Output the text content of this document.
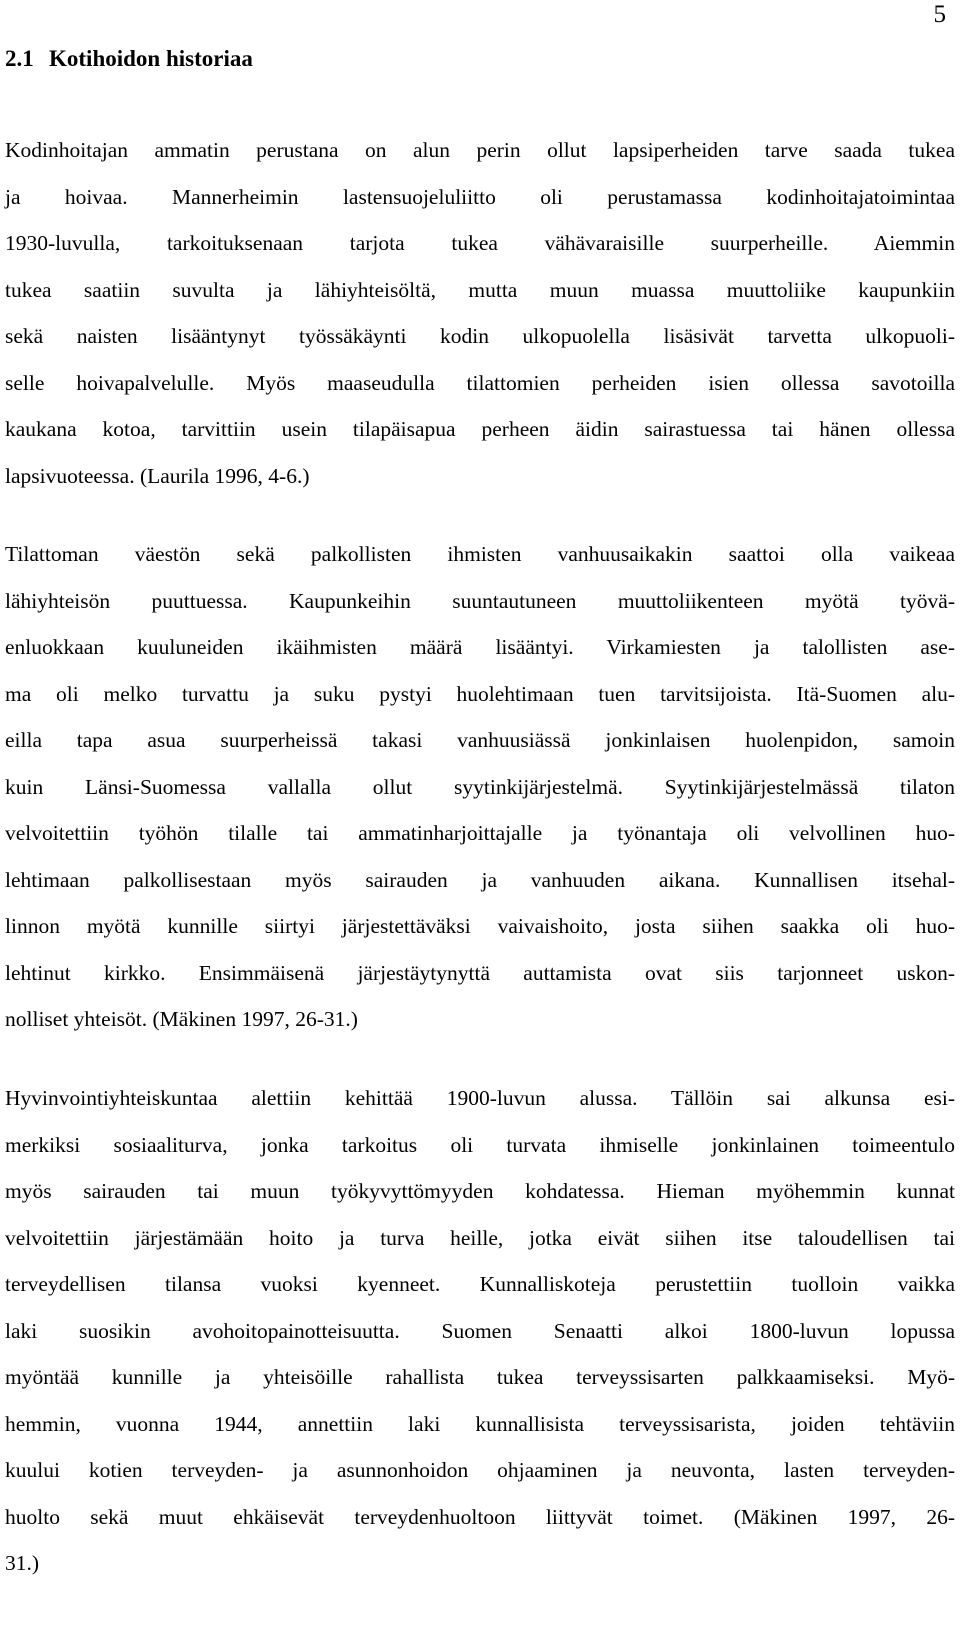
5
2.1 Kotihoidon historiaa
Kodinhoitajan ammatin perustana on alun perin ollut lapsiperheiden tarve saada tukea
ja hoivaa. Mannerheimin lastensuojeluliitto oli perustamassa kodinhoitajatoimintaa
1930-luvulla, tarkoituksenaan tarjota tukea vähävaraisille suurperheille. Aiemmin
tukea saatiin suvulta ja lähiyhteisöltä, mutta muun muassa muuttoliike kaupunkiin
sekä naisten lisääntynyt työssäkäynti kodin ulkopuolella lisäsivät tarvetta ulkopuoli-
selle hoivapalvelulle. Myös maaseudulla tilattomien perheiden isien ollessa savotoilla
kaukana kotoa, tarvittiin usein tilapäisapua perheen äidin sairastuessa tai hänen ollessa
lapsivuoteessa. (Laurila 1996, 4-6.)
Tilattoman väestön sekä palkollisten ihmisten vanhuusaikakin saattoi olla vaikeaa
lähiyhteisön puuttuessa. Kaupunkeihin suuntautuneen muuttoliikenteen myötä työvä-
enluokkaan kuuluneiden ikäihmisten määrä lisääntyi. Virkamiesten ja talollisten ase-
ma oli melko turvattu ja suku pystyi huolehtimaan tuen tarvitsijoista. Itä-Suomen alu-
eilla tapa asua suurperheissä takasi vanhuusiässä jonkinlaisen huolenpidon, samoin
kuin Länsi-Suomessa vallalla ollut syytinkijärjestelmä. Syytinkijärjestelmässä tilaton
velvoitettiin työhön tilalle tai ammatinharjoittajalle ja työnantaja oli velvollinen huo-
lehtimaan palkollisestaan myös sairauden ja vanhuuden aikana. Kunnallisen itsehal-
linnon myötä kunnille siirtyi järjestettäväksi vaivaishoito, josta siihen saakka oli huo-
lehtinut kirkko. Ensimmäisenä järjestäytynyttä auttamista ovat siis tarjonneet uskon-
nolliset yhteisöt. (Mäkinen 1997, 26-31.)
Hyvinvointiyhteiskuntaa alettiin kehittää 1900-luvun alussa. Tällöin sai alkunsa esi-
merkiksi sosiaaliturva, jonka tarkoitus oli turvata ihmiselle jonkinlainen toimeentulo
myös sairauden tai muun työkyvyttömyyden kohdatessa. Hieman myöhemmin kunnat
velvoitettiin järjestämään hoito ja turva heille, jotka eivät siihen itse taloudellisen tai
terveydellisen tilansa vuoksi kyenneet. Kunnalliskoteja perustettiin tuolloin vaikka
laki suosikin avohoitopainotteisuutta. Suomen Senaatti alkoi 1800-luvun lopussa
myöntää kunnille ja yhteisöille rahallista tukea terveyssisarten palkkaamiseksi. Myö-
hemmin, vuonna 1944, annettiin laki kunnallisista terveyssisarista, joiden tehtäviin
kuului kotien terveyden- ja asunnonhoidon ohjaaminen ja neuvonta, lasten terveyden-
huolto sekä muut ehkäisevät terveydenhuoltoon liittyvät toimet. (Mäkinen 1997, 26-
31.)
